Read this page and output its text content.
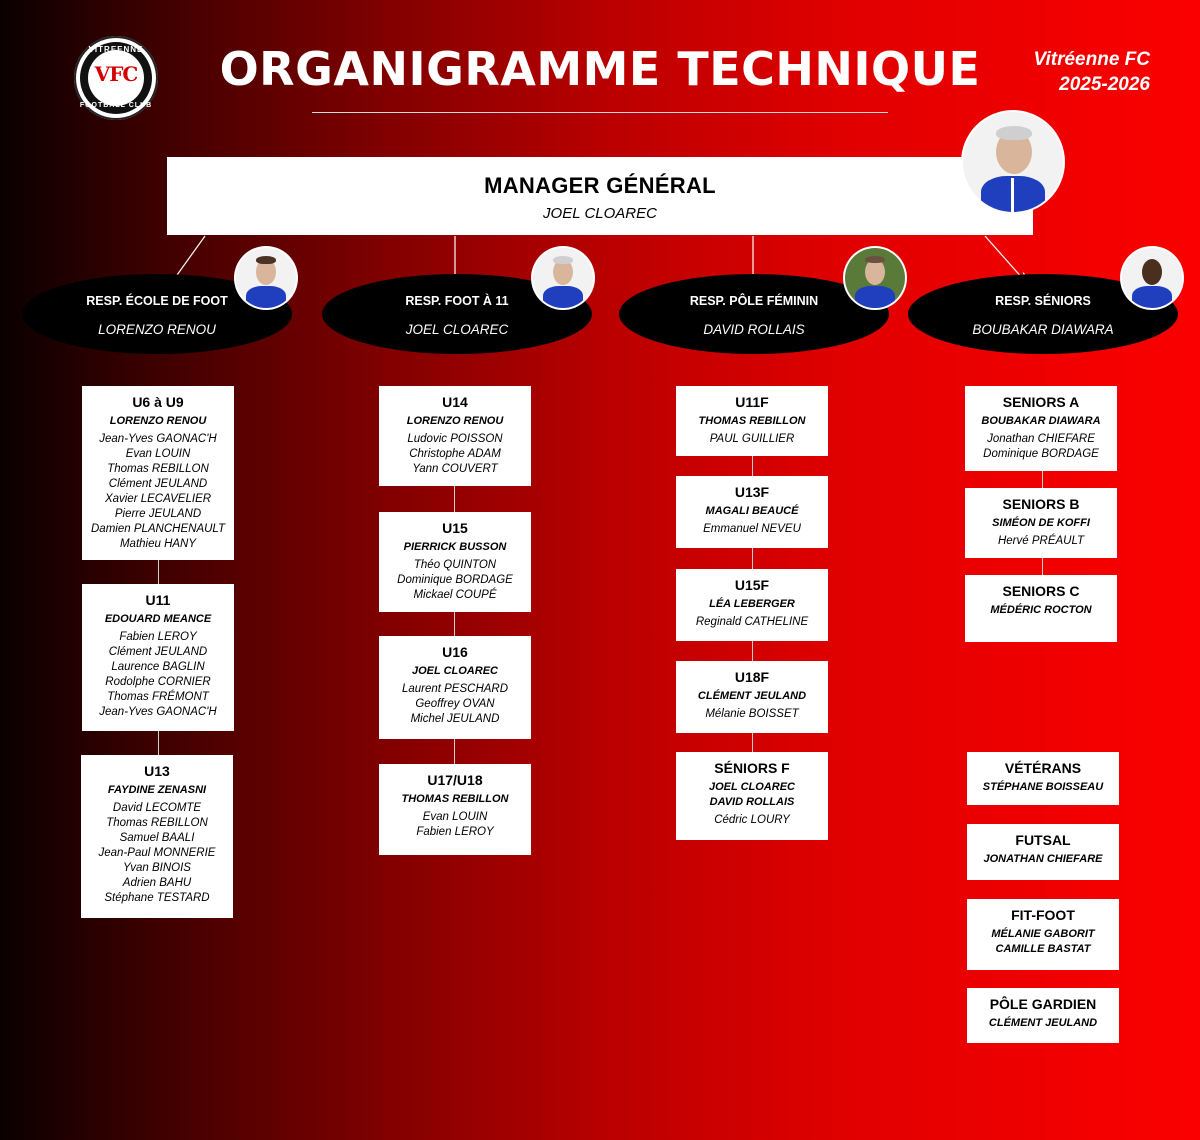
VITREENNE
VFC
FOOTBALL CLUB
ORGANIGRAMME TECHNIQUE	Vitréenne FC
2025-2026
MANAGER GÉNÉRAL
JOEL CLOAREC
RESP. ÉCOLE DE FOOT
LORENZO RENOU
RESP. FOOT À 11
JOEL CLOAREC
RESP. PÔLE FÉMININ
DAVID ROLLAIS
RESP. SÉNIORS
BOUBAKAR DIAWARA
U6 à U9
LORENZO RENOU
Jean-Yves GAONAC'H
Evan LOUIN
Thomas REBILLON
Clément JEULAND
Xavier LECAVELIER
Pierre JEULAND
Damien PLANCHENAULT
Mathieu HANY
U11
EDOUARD MEANCE
Fabien LEROY
Clément JEULAND
Laurence BAGLIN
Rodolphe CORNIER
Thomas FRÉMONT
Jean-Yves GAONAC'H
U13
FAYDINE ZENASNI
David LECOMTE
Thomas REBILLON
Samuel BAALI
Jean-Paul MONNERIE
Yvan BINOIS
Adrien BAHU
Stéphane TESTARD
U14
LORENZO RENOU
Ludovic POISSON
Christophe ADAM
Yann COUVERT
U15
PIERRICK BUSSON
Théo QUINTON
Dominique BORDAGE
Mickael COUPÉ
U16
JOEL CLOAREC
Laurent PESCHARD
Geoffrey OVAN
Michel JEULAND
U17/U18
THOMAS REBILLON
Evan LOUIN
Fabien LEROY
U11F
THOMAS REBILLON
PAUL GUILLIER
U13F
MAGALI BEAUCÉ
Emmanuel NEVEU
U15F
LÉA LEBERGER
Reginald CATHELINE
U18F
CLÉMENT JEULAND
Mélanie BOISSET
SÉNIORS F
JOEL CLOAREC
DAVID ROLLAIS
Cédric LOURY
SENIORS A
BOUBAKAR DIAWARA
Jonathan CHIEFARE
Dominique BORDAGE
SENIORS B
SIMÉON DE KOFFI
Hervé PRÉAULT
SENIORS C
MÉDÉRIC ROCTON
VÉTÉRANS
STÉPHANE BOISSEAU
FUTSAL
JONATHAN CHIEFARE
FIT-FOOT
MÉLANIE GABORIT
CAMILLE BASTAT
PÔLE GARDIEN
CLÉMENT JEULAND
